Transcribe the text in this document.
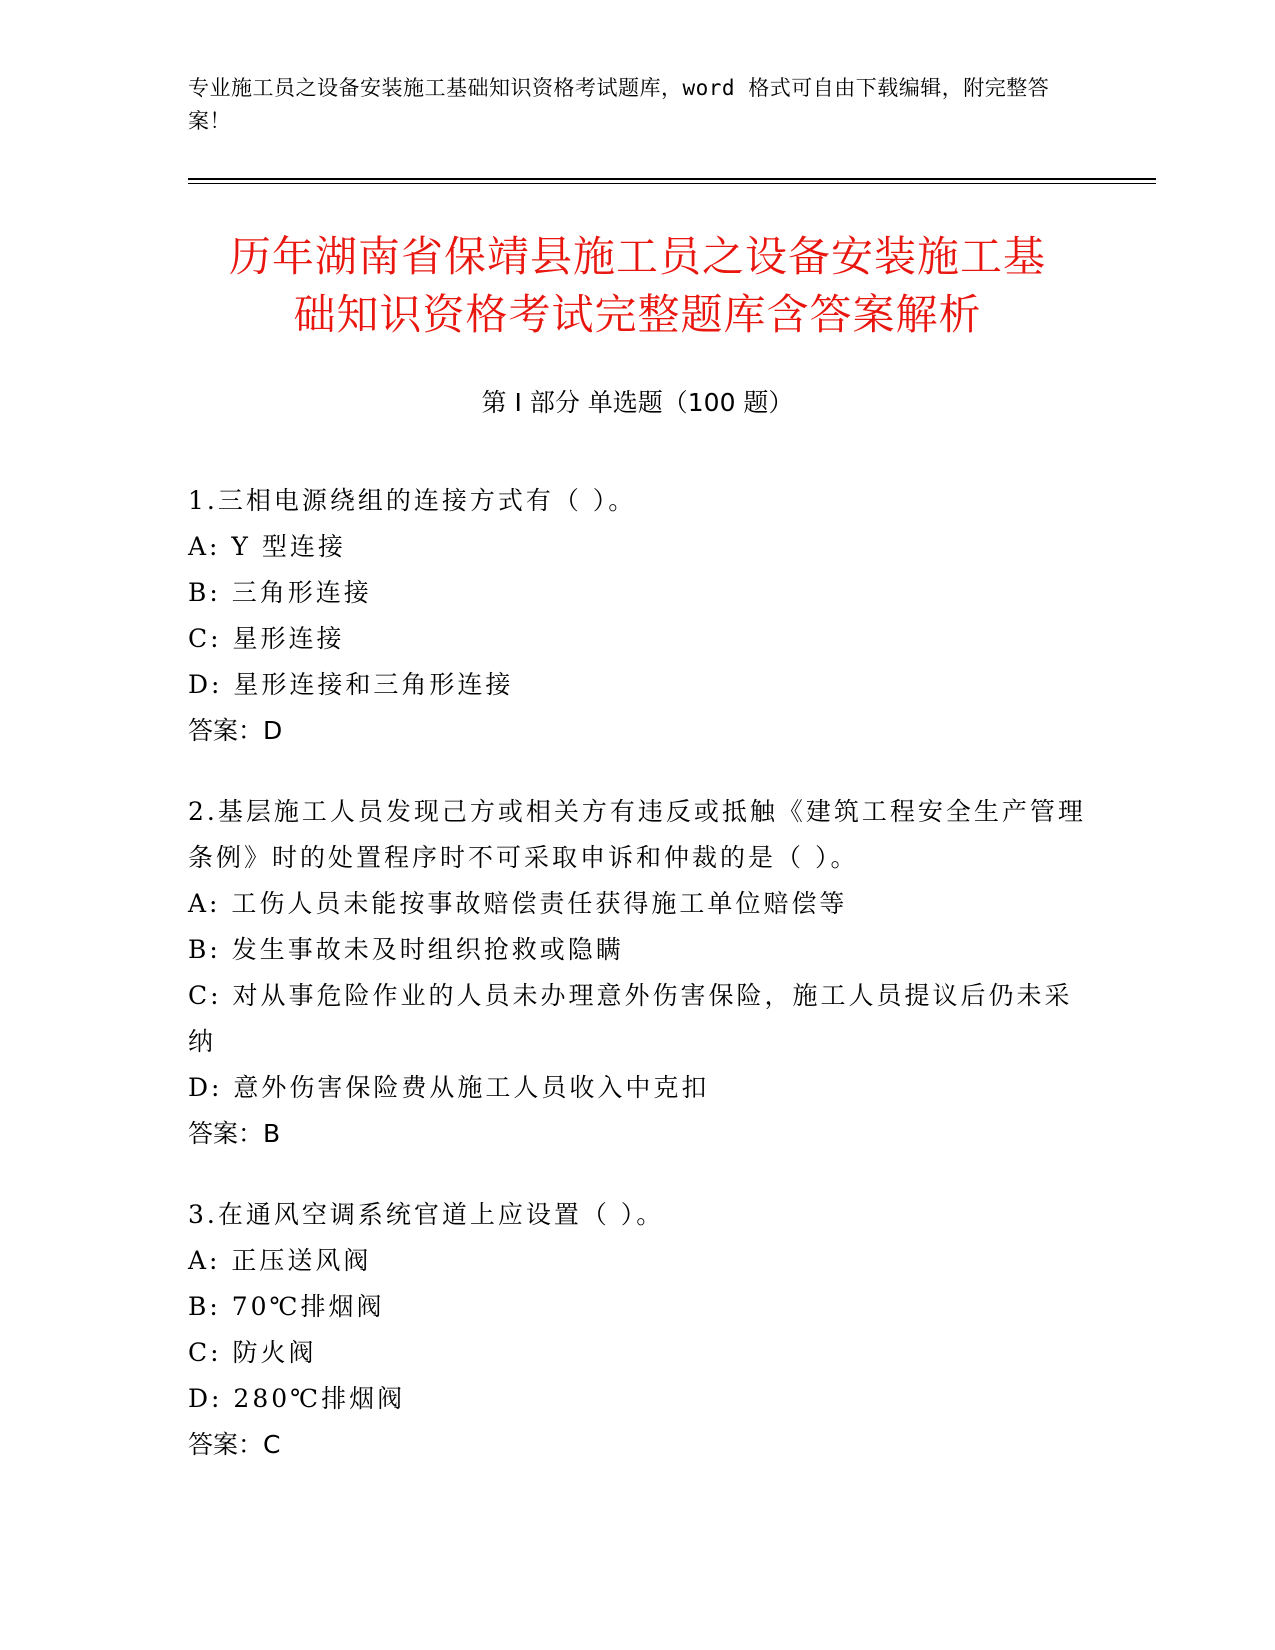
专业施工员之设备安装施工基础知识资格考试题库，word 格式可自由下载编辑，附完整答案！
历年湖南省保靖县施工员之设备安装施工基
础知识资格考试完整题库含答案解析
第 I 部分 单选题（100 题）
1.三相电源绕组的连接方式有（ ）。
A: Y 型连接
B: 三角形连接
C: 星形连接
D: 星形连接和三角形连接
答案：D
2.基层施工人员发现己方或相关方有违反或抵触《建筑工程安全生产管理条例》时的处置程序时不可采取申诉和仲裁的是（ ）。
A: 工伤人员未能按事故赔偿责任获得施工单位赔偿等
B: 发生事故未及时组织抢救或隐瞒
C: 对从事危险作业的人员未办理意外伤害保险，施工人员提议后仍未采纳
D: 意外伤害保险费从施工人员收入中克扣
答案：B
3.在通风空调系统官道上应设置（ ）。
A: 正压送风阀
B: 70℃排烟阀
C: 防火阀
D: 280℃排烟阀
答案：C
